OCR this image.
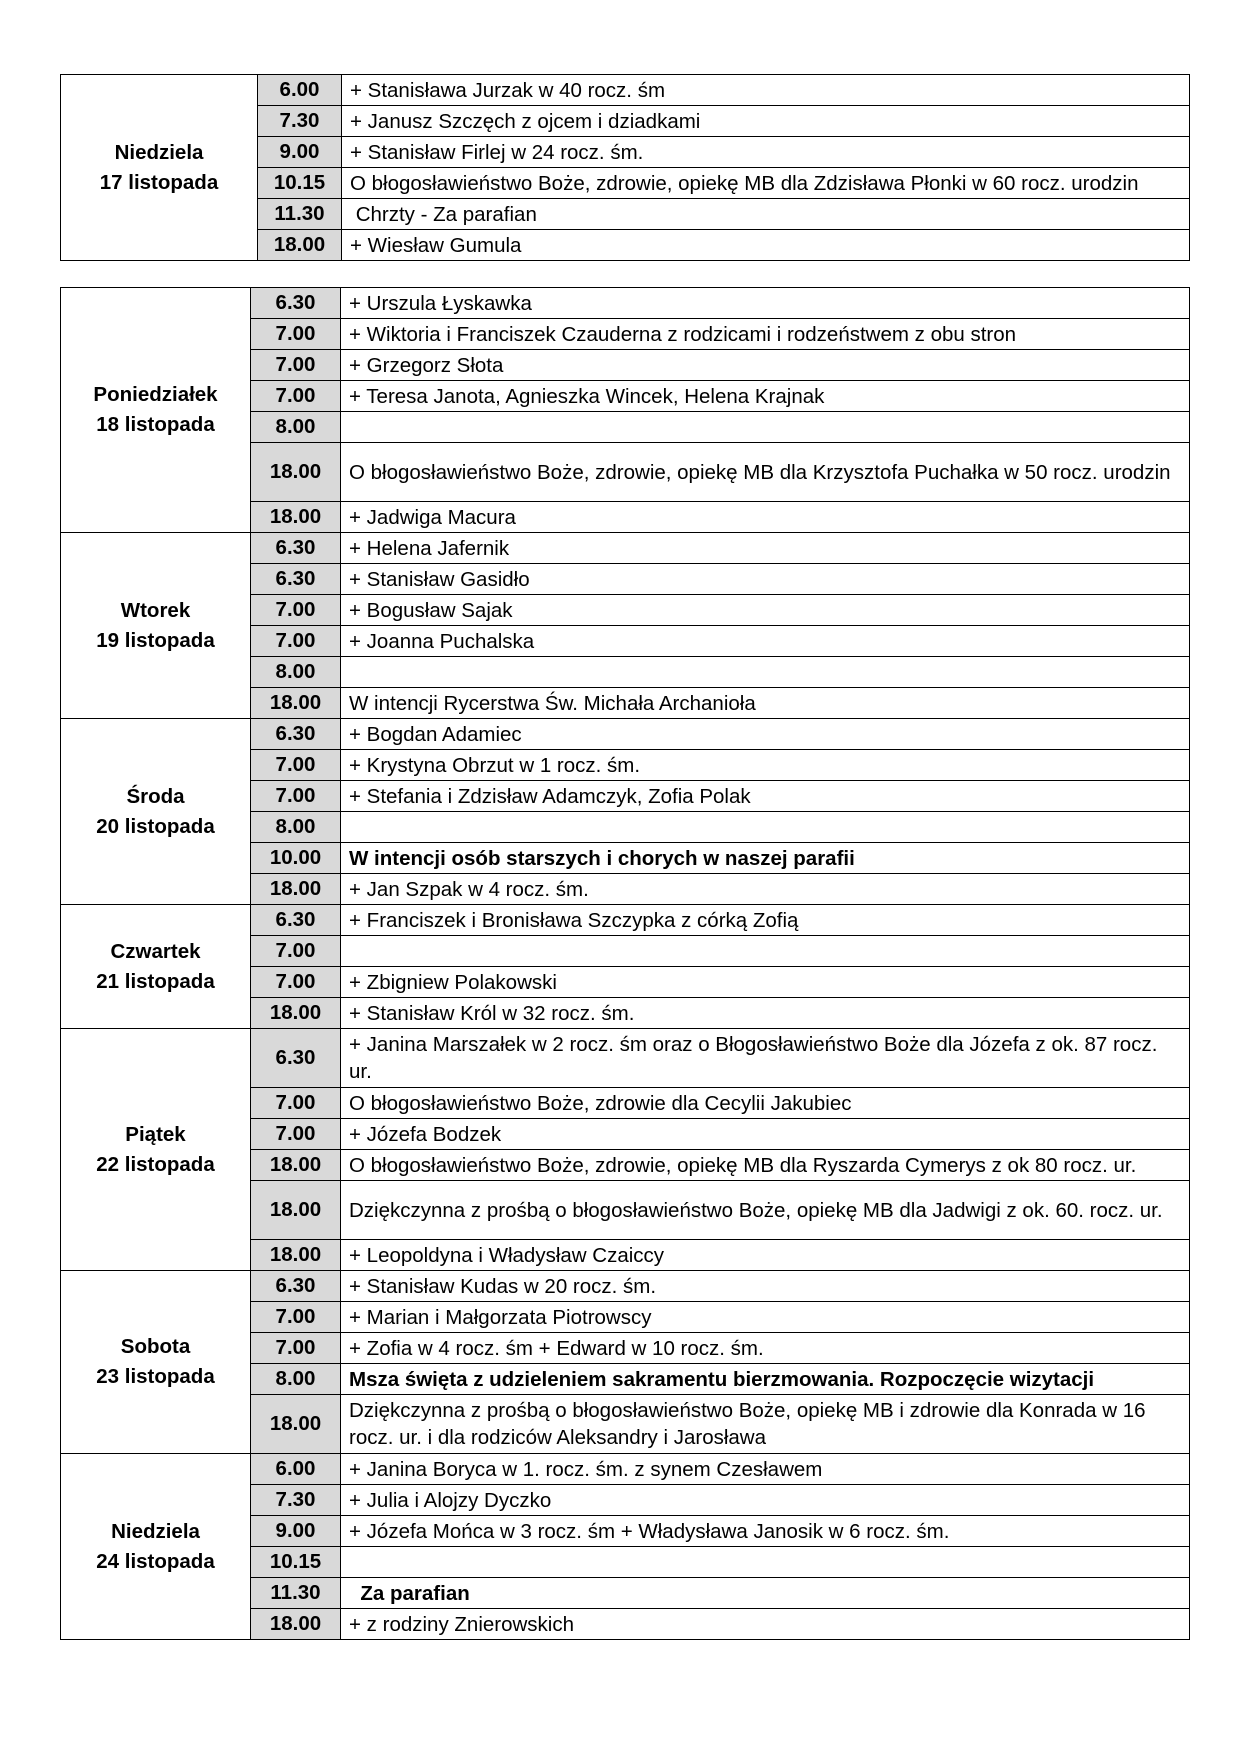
Niedziela
17 listopada	6.00	+ Stanisława Jurzak w 40 rocz. śm
	7.30	+ Janusz Szczęch z ojcem i dziadkami
	9.00	+ Stanisław Firlej w 24 rocz. śm.
	10.15	O błogosławieństwo Boże, zdrowie, opiekę MB dla Zdzisława Płonki w 60 rocz. urodzin
	11.30	Chrzty - Za parafian
	18.00	+ Wiesław Gumula
Poniedziałek
18 listopada	6.30	+ Urszula Łyskawka
	7.00	+ Wiktoria i Franciszek Czauderna z rodzicami i rodzeństwem z obu stron
	7.00	+ Grzegorz Słota
	7.00	+ Teresa Janota, Agnieszka Wincek, Helena Krajnak
	8.00	
	18.00	O błogosławieństwo Boże, zdrowie, opiekę MB dla Krzysztofa Puchałka w 50 rocz. urodzin
	18.00	+ Jadwiga Macura

Wtorek
19 listopada	6.30	+ Helena Jafernik
	6.30	+ Stanisław Gasidło
	7.00	+ Bogusław Sajak
	7.00	+ Joanna Puchalska
	8.00	
	18.00	W intencji Rycerstwa Św. Michała Archanioła

Środa
20 listopada	6.30	+ Bogdan Adamiec
	7.00	+ Krystyna Obrzut w 1 rocz. śm.
	7.00	+ Stefania i Zdzisław Adamczyk, Zofia Polak
	8.00	
	10.00	W intencji osób starszych i chorych w naszej parafii
	18.00	+ Jan Szpak w 4 rocz. śm.

Czwartek
21 listopada	6.30	+ Franciszek i Bronisława Szczypka z córką Zofią
	7.00	
	7.00	+ Zbigniew Polakowski
	18.00	+ Stanisław Król w 32 rocz. śm.

Piątek
22 listopada	6.30	+ Janina Marszałek w 2 rocz. śm oraz o Błogosławieństwo Boże dla Józefa z ok. 87 rocz. ur.
	7.00	O błogosławieństwo Boże, zdrowie dla Cecylii Jakubiec
	7.00	+ Józefa Bodzek
	18.00	O błogosławieństwo Boże, zdrowie, opiekę MB dla Ryszarda Cymerys z ok 80 rocz. ur.
	18.00	Dziękczynna z prośbą o błogosławieństwo Boże, opiekę MB dla Jadwigi z ok. 60. rocz. ur.
	18.00	+ Leopoldyna i Władysław Czaiccy

Sobota
23 listopada	6.30	+ Stanisław Kudas w 20 rocz. śm.
	7.00	+ Marian i Małgorzata Piotrowscy
	7.00	+ Zofia w 4 rocz. śm + Edward w 10 rocz. śm.
	8.00	Msza święta z udzieleniem sakramentu bierzmowania. Rozpoczęcie wizytacji
	18.00	Dziękczynna z prośbą o błogosławieństwo Boże, opiekę MB i zdrowie dla Konrada w 16 rocz. ur. i dla rodziców Aleksandry i Jarosława

Niedziela
24 listopada	6.00	+ Janina Boryca w 1. rocz. śm. z synem Czesławem
	7.30	+ Julia i Alojzy Dyczko
	9.00	+ Józefa Mońca w 3 rocz. śm + Władysława Janosik w 6 rocz. śm.
	10.15	
	11.30	Za parafian
	18.00	+ z rodziny Znierowskich
